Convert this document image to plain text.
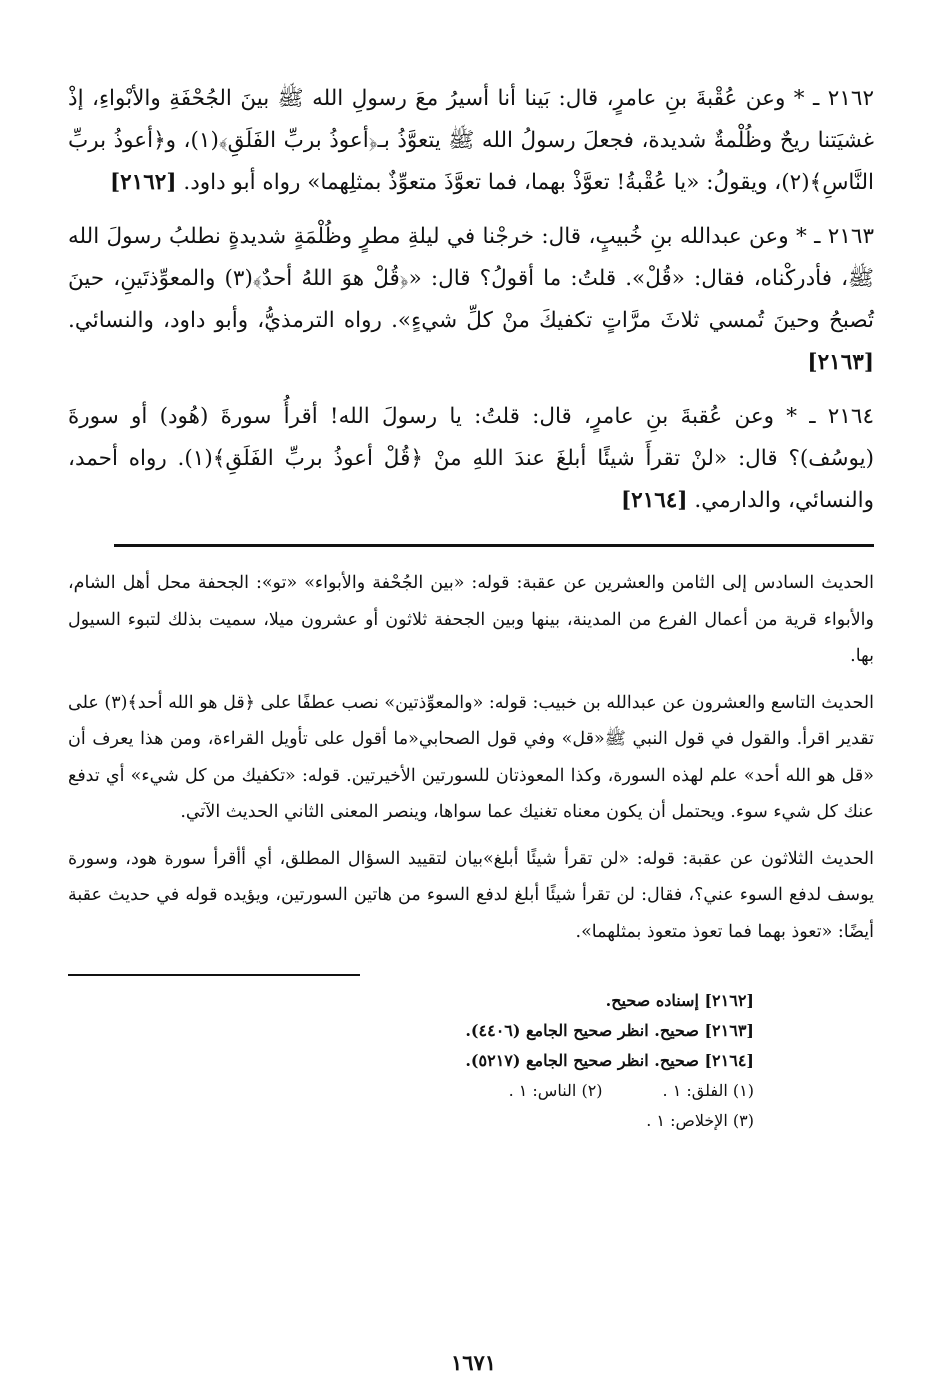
٢١٦٢ ـ * وعن عُقْبةَ بنِ عامرٍ، قال: بَينا أنا أسيرُ معَ رسولِ الله ﷺ بينَ الجُحْفَةِ والأبْواءِ، إذْ غشيَتنا ريحٌ وظُلْمةٌ شديدة، فجعلَ رسولُ الله ﷺ يتعوَّذُ بـ﴿أعوذُ بربِّ الفَلَقِ﴾(١)، و﴿أعوذُ بربِّ النَّاسِ﴾(٢)، ويقولُ: «يا عُقْبةُ! تعوَّذْ بهما، فما تعوَّذَ متعوِّذٌ بمثلِهما» رواه أبو داود. [٢١٦٢]

٢١٦٣ ـ * وعن عبدالله بنِ خُبيبٍ، قال: خرجْنا في ليلةِ مطرٍ وظُلْمَةٍ شديدةٍ نطلبُ رسولَ الله ﷺ، فأدركْناه، فقال: «قُلْ». قلتُ: ما أقولُ؟ قال: «﴿قُلْ هوَ اللهُ أحدٌ﴾(٣) والمعوِّذتَينِ، حينَ تُصبحُ وحينَ تُمسي ثلاثَ مرَّاتٍ تكفيكَ منْ كلِّ شيءٍ». رواه الترمذيُّ، وأبو داود، والنسائي. [٢١٦٣]

٢١٦٤ ـ * وعن عُقبةَ بنِ عامرٍ، قال: قلتُ: يا رسولَ الله! أقرأُ سورةَ (هُود) أو سورةَ (يوسُف)؟ قال: «لنْ تقرأَ شيئًا أبلغَ عندَ اللهِ منْ ﴿قُلْ أعوذُ بربِّ الفَلَقِ﴾(١). رواه أحمد، والنسائي، والدارمي. [٢١٦٤]

الحديث السادس إلى الثامن والعشرين عن عقبة: قوله: «بين الجُحْفة والأبواء» «تو»: الجحفة محل أهل الشام، والأبواء قرية من أعمال الفرع من المدينة، بينها وبين الجحفة ثلاثون أو عشرون ميلا، سميت بذلك لتبوء السيول بها.

الحديث التاسع والعشرون عن عبدالله بن خبيب: قوله: «والمعوِّذتين» نصب عطفًا على ﴿قل هو الله أحد﴾(٣) على تقدير اقرأ. والقول في قول النبي ﷺ«قل» وفي قول الصحابي«ما أقول على تأويل القراءة، ومن هذا يعرف أن «قل هو الله أحد» علم لهذه السورة، وكذا المعوذتان للسورتين الأخيرتين. قوله: «تكفيك من كل شيء» أي تدفع عنك كل شيء سوء. ويحتمل أن يكون معناه تغنيك عما سواها، وينصر المعنى الثاني الحديث الآتي.

الحديث الثلاثون عن عقبة: قوله: «لن تقرأ شيئًا أبلغ»بيان لتقييد السؤال المطلق، أي أأقرأ سورة هود، وسورة يوسف لدفع السوء عني؟، فقال: لن تقرأ شيئًا أبلغ لدفع السوء من هاتين السورتين، ويؤيده قوله في حديث عقبة أيضًا: «تعوذ بهما فما تعوذ متعوذ بمثلهما».

[٢١٦٢] إسناده صحيح.
[٢١٦٣] صحيح. انظر صحيح الجامع (٤٤٠٦).
[٢١٦٤] صحيح. انظر صحيح الجامع (٥٢١٧).
(١) الفلق: ١ .
(٢) الناس: ١ .
(٣) الإخلاص: ١ .
١٦٧١
